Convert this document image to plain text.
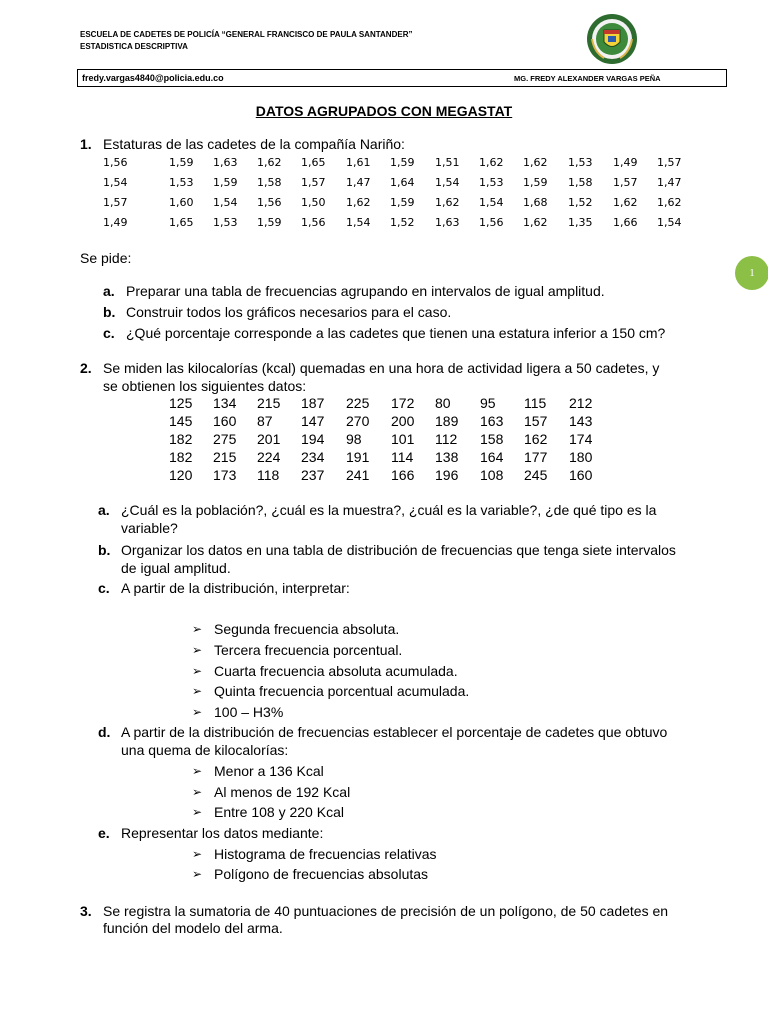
ESCUELA DE CADETES DE POLICÍA “GENERAL FRANCISCO DE PAULA SANTANDER”
ESTADISTICA DESCRIPTIVA
fredy.vargas4840@policia.edu.co	MG. FREDY ALEXANDER VARGAS PEÑA
DATOS AGRUPADOS CON MEGASTAT
1
1. Estaturas de las cadetes de la compañía Nariño:
1,56	1,59 1,63 1,62 1,65 1,61 1,59 1,51 1,62 1,62 1,53 1,49 1,57
1,54	1,53 1,59 1,58 1,57 1,47 1,64 1,54 1,53 1,59 1,58 1,57 1,47
1,57	1,60 1,54 1,56 1,50 1,62 1,59 1,62 1,54 1,68 1,52 1,62 1,62
1,49	1,65 1,53 1,59 1,56 1,54 1,52 1,63 1,56 1,62 1,35 1,66 1,54
Se pide:
a. Preparar una tabla de frecuencias agrupando en intervalos de igual amplitud.
b. Construir todos los gráficos necesarios para el caso.
c. ¿Qué porcentaje corresponde a las cadetes que tienen una estatura inferior a 150 cm?
2. Se miden las kilocalorías (kcal) quemadas en una hora de actividad ligera a 50 cadetes, y
se obtienen los siguientes datos:
125 134 215 187 225 172 80 95 115 212
145 160 87 147 270 200 189 163 157 143
182 275 201 194 98 101 112 158 162 174
182 215 224 234 191 114 138 164 177 180
120 173 118 237 241 166 196 108 245 160
a. ¿Cuál es la población?, ¿cuál es la muestra?, ¿cuál es la variable?, ¿de qué tipo es la
variable?
b. Organizar los datos en una tabla de distribución de frecuencias que tenga siete intervalos
de igual amplitud.
c. A partir de la distribución, interpretar:
➢ Segunda frecuencia absoluta.
➢ Tercera frecuencia porcentual.
➢ Cuarta frecuencia absoluta acumulada.
➢ Quinta frecuencia porcentual acumulada.
➢ 100 – H3%
d. A partir de la distribución de frecuencias establecer el porcentaje de cadetes que obtuvo
una quema de kilocalorías:
➢ Menor a 136 Kcal
➢ Al menos de 192 Kcal
➢ Entre 108 y 220 Kcal
e. Representar los datos mediante:
➢ Histograma de frecuencias relativas
➢ Polígono de frecuencias absolutas
3. Se registra la sumatoria de 40 puntuaciones de precisión de un polígono, de 50 cadetes en
función del modelo del arma.
